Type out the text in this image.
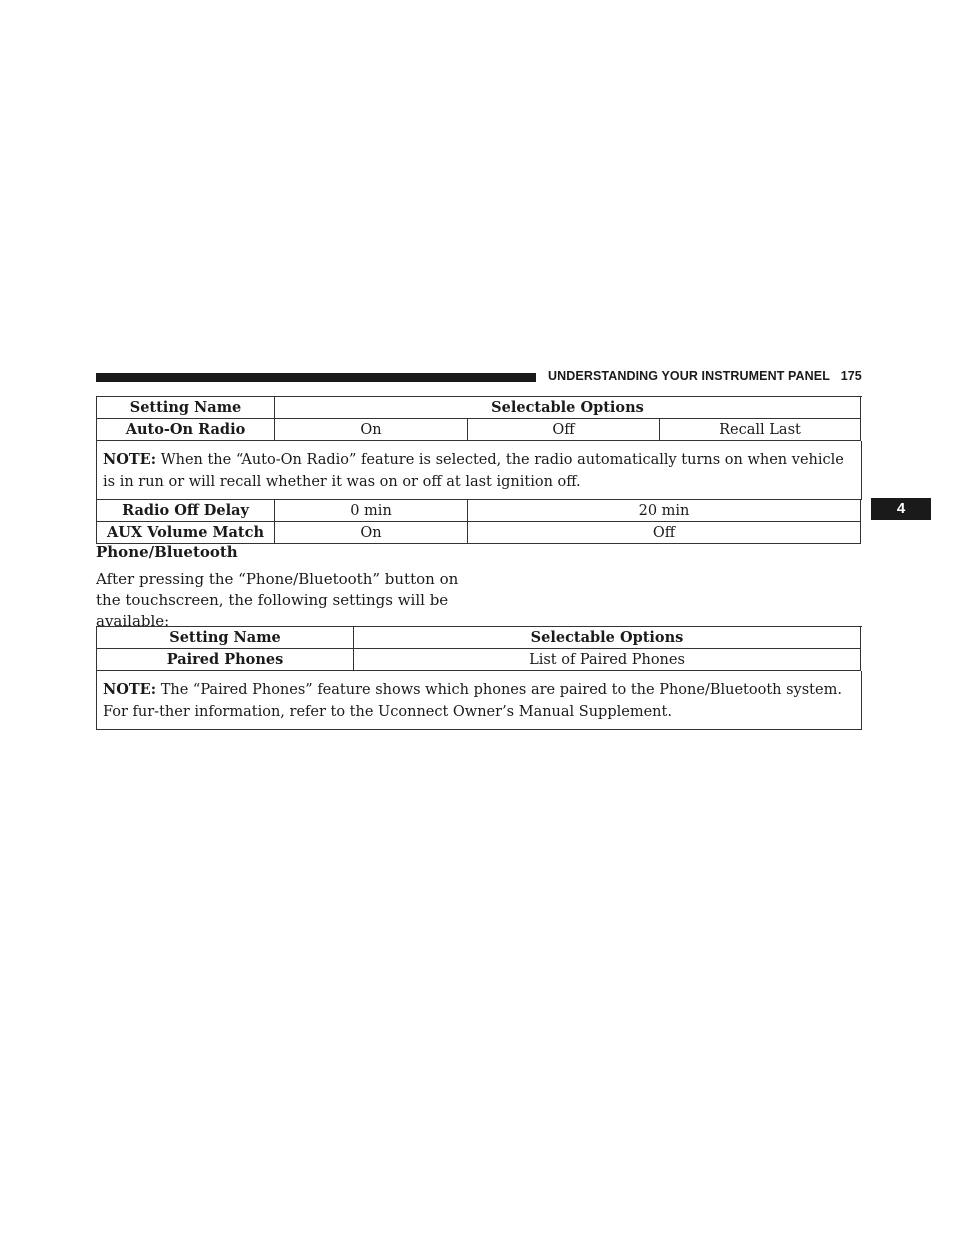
UNDERSTANDING YOUR INSTRUMENT PANEL 175
4
Setting Name	Selectable Options
Auto-On Radio	On	Off	Recall Last
NOTE: When the “Auto-On Radio” feature is selected, the radio automatically turns on when vehicle is in run or will recall whether it was on or off at last ignition off.
Radio Off Delay	0 min	20 min
AUX Volume Match	On	Off
Phone/Bluetooth
After pressing the “Phone/Bluetooth” button on the touchscreen, the following settings will be available:
Setting Name	Selectable Options
Paired Phones	List of Paired Phones
NOTE: The “Paired Phones” feature shows which phones are paired to the Phone/Bluetooth system. For fur-ther information, refer to the Uconnect Owner’s Manual Supplement.
